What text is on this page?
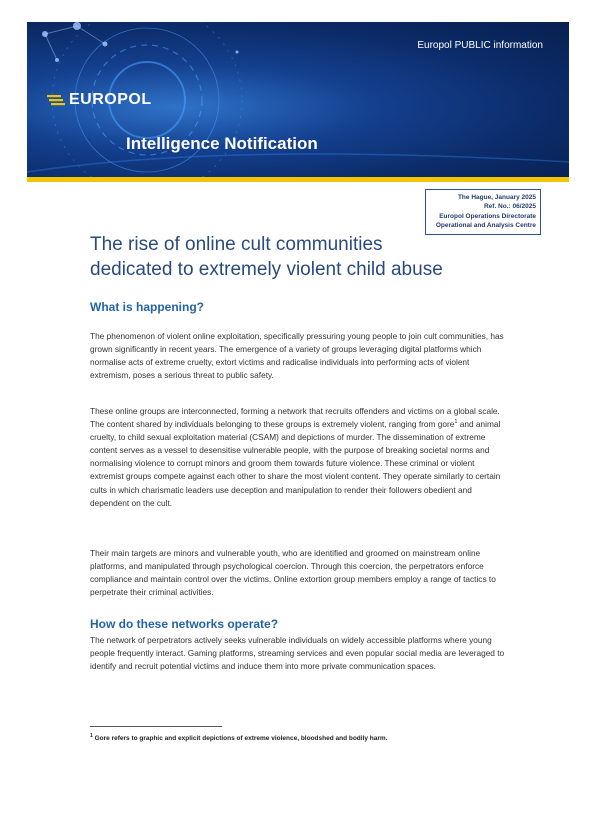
Europol PUBLIC information
EUROPOL
Intelligence Notification
The Hague, January 2025
Ref. No.: 06/2025
Europol Operations Directorate
Operational and Analysis Centre
The rise of online cult communities
dedicated to extremely violent child abuse
What is happening?
The phenomenon of violent online exploitation, specifically pressuring young people to join cult communities, has grown significantly in recent years. The emergence of a variety of groups leveraging digital platforms which normalise acts of extreme cruelty, extort victims and radicalise individuals into performing acts of violent extremism, poses a serious threat to public safety.
These online groups are interconnected, forming a network that recruits offenders and victims on a global scale. The content shared by individuals belonging to these groups is extremely violent, ranging from gore$^1$ and animal cruelty, to child sexual exploitation material (CSAM) and depictions of murder. The dissemination of extreme content serves as a vessel to desensitise vulnerable people, with the purpose of breaking societal norms and normalising violence to corrupt minors and groom them towards future violence. These criminal or violent extremist groups compete against each other to share the most violent content. They operate similarly to certain cults in which charismatic leaders use deception and manipulation to render their followers obedient and dependent on the cult.
Their main targets are minors and vulnerable youth, who are identified and groomed on mainstream online platforms, and manipulated through psychological coercion. Through this coercion, the perpetrators enforce compliance and maintain control over the victims. Online extortion group members employ a range of tactics to perpetrate their criminal activities.
How do these networks operate?
The network of perpetrators actively seeks vulnerable individuals on widely accessible platforms where young people frequently interact. Gaming platforms, streaming services and even popular social media are leveraged to identify and recruit potential victims and induce them into more private communication spaces.
$^1$ Gore refers to graphic and explicit depictions of extreme violence, bloodshed and bodily harm.
